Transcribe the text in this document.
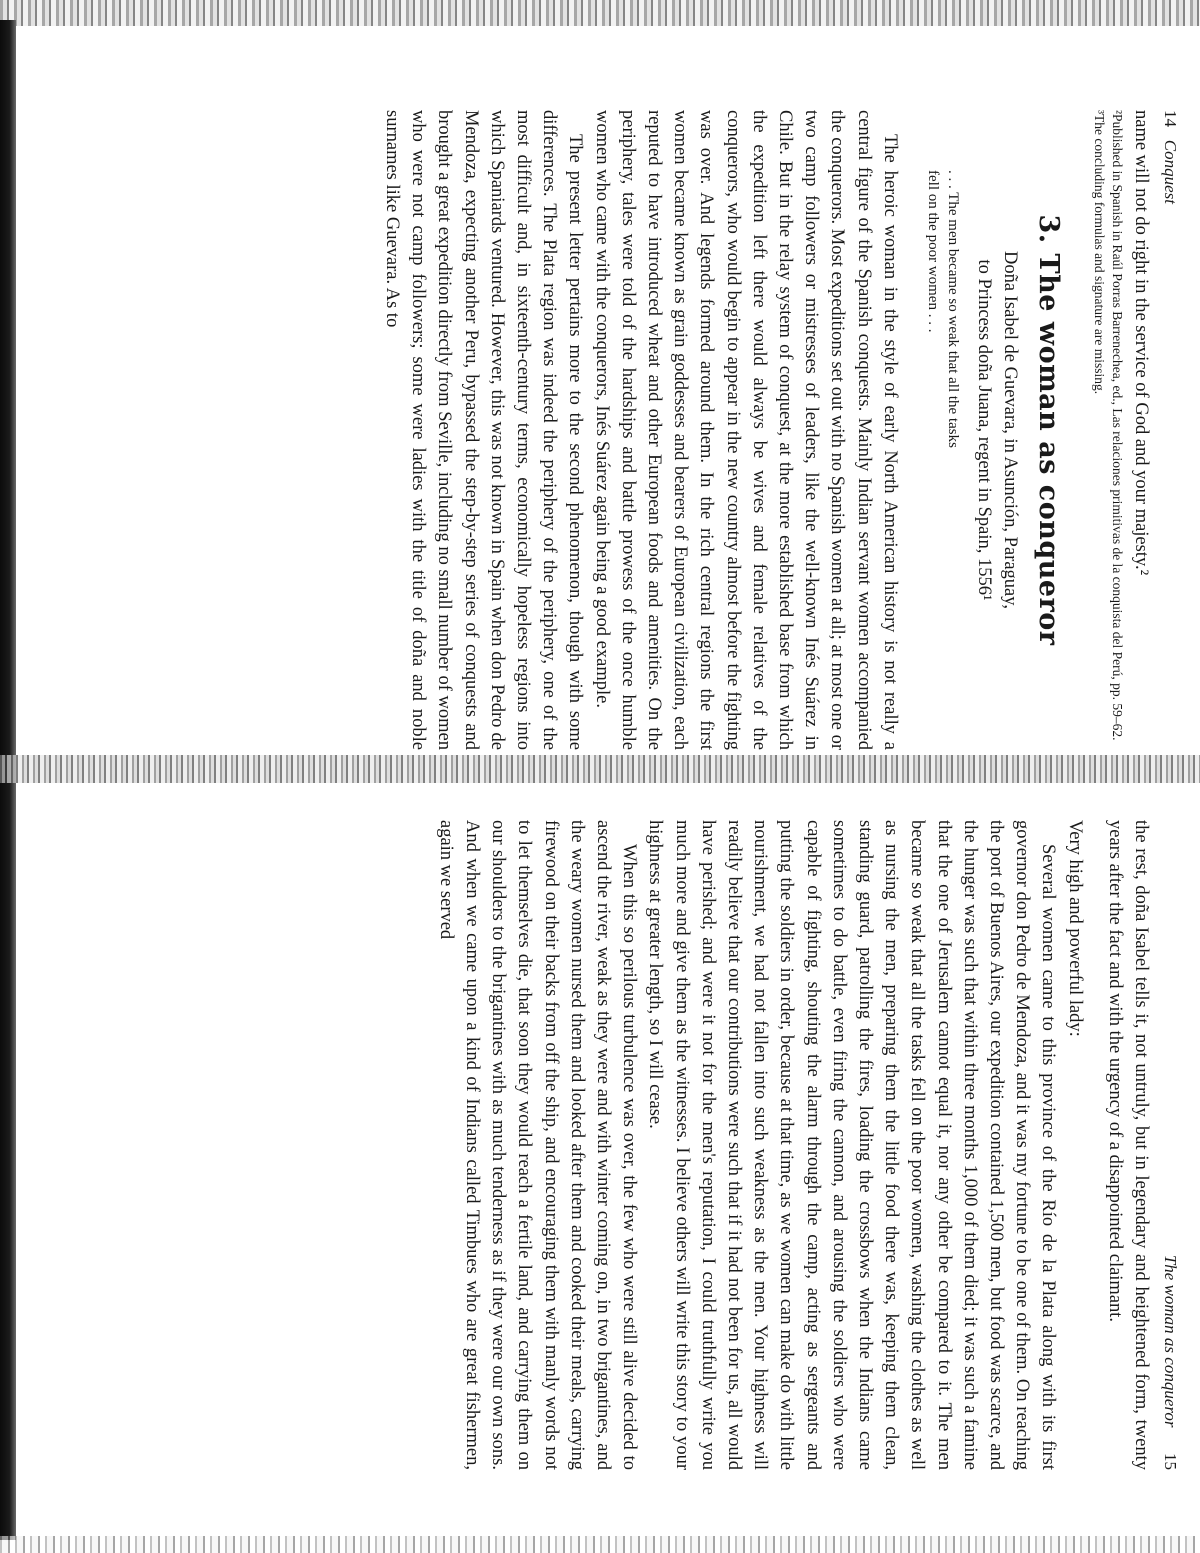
14   Conquest

name will not do right in the service of God and your majesty.²

²Published in Spanish in Raúl Porras Barrenechea, ed., Las relaciones primitivas de la conquista del Perú, pp. 59–62.
³The concluding formulas and signature are missing.
3. The woman as conqueror
Doña Isabel de Guevara, in Asunción, Paraguay,
to Princess doña Juana, regent in Spain, 1556¹
. . . The men became so weak that all the tasks
fell on the poor women . . .

The heroic woman in the style of early North American history is not really a central figure of the Spanish conquests. Mainly Indian servant women accompanied the conquerors. Most expeditions set out with no Spanish women at all; at most one or two camp followers or mistresses of leaders, like the well-known Inés Suárez in Chile. But in the relay system of conquest, at the more established base from which the expedition left there would always be wives and female relatives of the conquerors, who would begin to appear in the new country almost before the fighting was over. And legends formed around them. In the rich central regions the first women became known as grain goddesses and bearers of European civilization, each reputed to have introduced wheat and other European foods and amenities. On the periphery, tales were told of the hardships and battle prowess of the once humble women who came with the conquerors, Inés Suárez again being a good example.

The present letter pertains more to the second phenomenon, though with some differences. The Plata region was indeed the periphery of the periphery, one of the most difficult and, in sixteenth-century terms, economically hopeless regions into which Spaniards ventured. However, this was not known in Spain when don Pedro de Mendoza, expecting another Peru, bypassed the step-by-step series of conquests and brought a great expedition directly from Seville, including no small number of women who were not camp followers; some were ladies with the title of doña and noble surnames like Guevara. As to

The woman as conqueror      15

the rest, doña Isabel tells it, not untruly, but in legendary and heightened form, twenty years after the fact and with the urgency of a disappointed claimant.

Very high and powerful lady:

Several women came to this province of the Río de la Plata along with its first governor don Pedro de Mendoza, and it was my fortune to be one of them. On reaching the port of Buenos Aires, our expedition contained 1,500 men, but food was scarce, and the hunger was such that within three months 1,000 of them died; it was such a famine that the one of Jerusalem cannot equal it, nor any other be compared to it. The men became so weak that all the tasks fell on the poor women, washing the clothes as well as nursing the men, preparing them the little food there was, keeping them clean, standing guard, patrolling the fires, loading the crossbows when the Indians came sometimes to do battle, even firing the cannon, and arousing the soldiers who were capable of fighting, shouting the alarm through the camp, acting as sergeants and putting the soldiers in order, because at that time, as we women can make do with little nourishment, we had not fallen into such weakness as the men. Your highness will readily believe that our contributions were such that if it had not been for us, all would have perished; and were it not for the men's reputation, I could truthfully write you much more and give them as the witnesses. I believe others will write this story to your highness at greater length, so I will cease.

When this so perilous turbulence was over, the few who were still alive decided to ascend the river, weak as they were and with winter coming on, in two brigantines, and the weary women nursed them and looked after them and cooked their meals, carrying firewood on their backs from off the ship, and encouraging them with manly words not to let themselves die, that soon they would reach a fertile land, and carrying them on our shoulders to the brigantines with as much tenderness as if they were our own sons. And when we came upon a kind of Indians called Timbues who are great fishermen, again we served
